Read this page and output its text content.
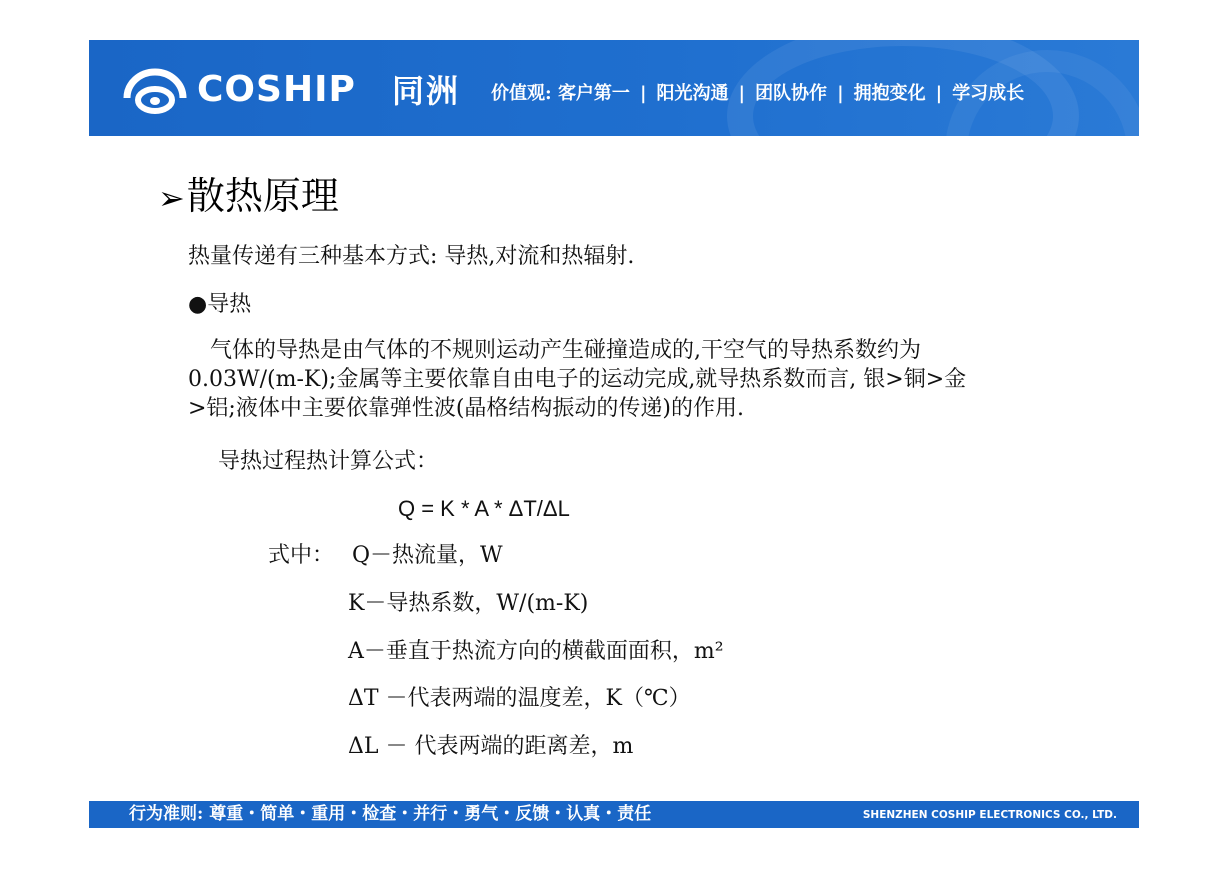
COSHIP 同洲 价值观: 客户第一 | 阳光沟通 | 团队协作 | 拥抱变化 | 学习成长
➢散热原理
热量传递有三种基本方式: 导热,对流和热辐射.
●导热
　气体的导热是由气体的不规则运动产生碰撞造成的,干空气的导热系数约为
0.03W/(m-K);金属等主要依靠自由电子的运动完成,就导热系数而言, 银>铜>金
>铝;液体中主要依靠弹性波(晶格结构振动的传递)的作用.
导热过程热计算公式：
Q = K * A * ΔT/ΔL
式中： Q－热流量，W
K－导热系数，W/(m-K)
A－垂直于热流方向的横截面面积，m²
ΔT －代表两端的温度差，K（℃）
ΔL － 代表两端的距离差，m
行为准则: 尊重・简单・重用・检查・并行・勇气・反馈・认真・责任	SHENZHEN COSHIP ELECTRONICS CO., LTD.
